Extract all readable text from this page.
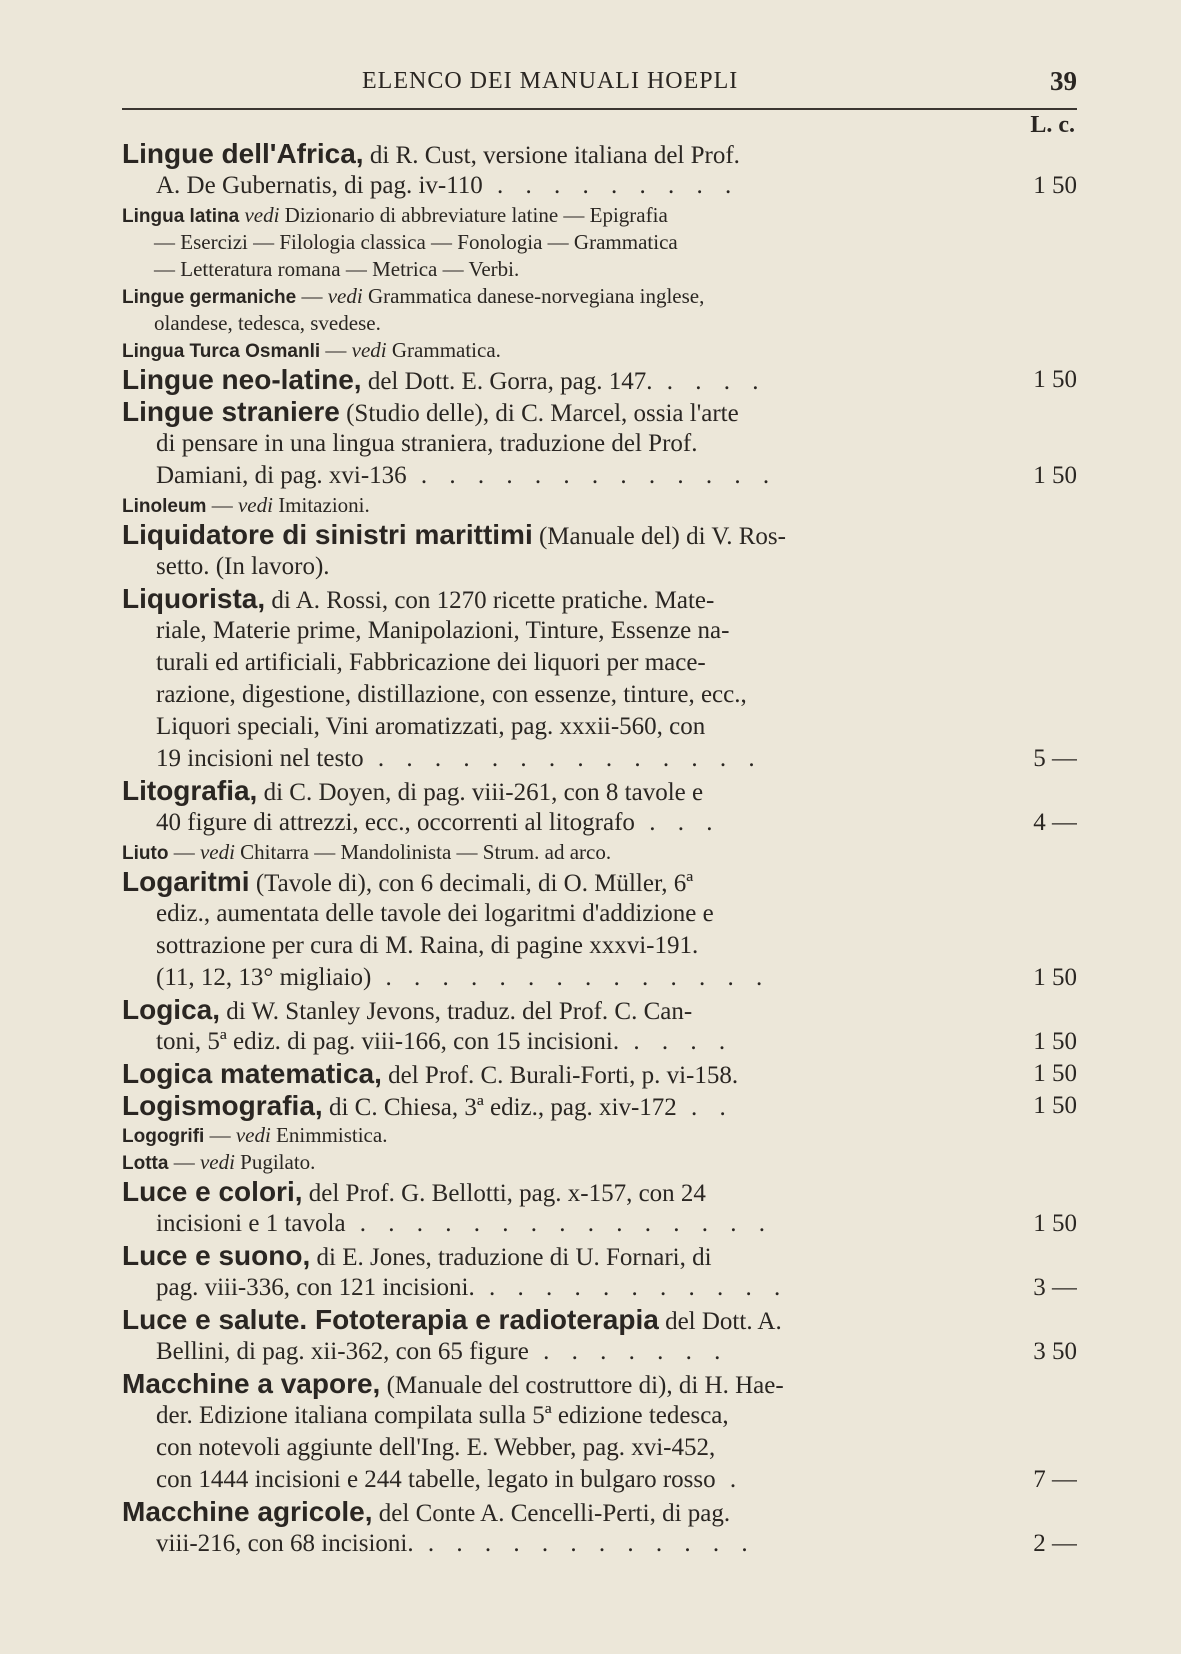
ELENCO DEI MANUALI HOEPLI	39
L. c.
Lingue dell'Africa, di R. Cust, versione italiana del Prof.
A. De Gubernatis, di pag. iv-110 . . . . . . . . .	1 50
Lingua latina vedi Dizionario di abbreviature latine — Epigrafia
— Esercizi — Filologia classica — Fonologia — Grammatica
— Letteratura romana — Metrica — Verbi.
Lingue germaniche — vedi Grammatica danese-norvegiana inglese,
olandese, tedesca, svedese.
Lingua Turca Osmanli — vedi Grammatica.
Lingue neo-latine, del Dott. E. Gorra, pag. 147. . . . .	1 50
Lingue straniere (Studio delle), di C. Marcel, ossia l'arte
di pensare in una lingua straniera, traduzione del Prof.
Damiani, di pag. xvi-136 . . . . . . . . . . . . .	1 50
Linoleum — vedi Imitazioni.
Liquidatore di sinistri marittimi (Manuale del) di V. Ros-
setto. (In lavoro).
Liquorista, di A. Rossi, con 1270 ricette pratiche. Mate-
riale, Materie prime, Manipolazioni, Tinture, Essenze na-
turali ed artificiali, Fabbricazione dei liquori per mace-
razione, digestione, distillazione, con essenze, tinture, ecc.,
Liquori speciali, Vini aromatizzati, pag. xxxii-560, con
19 incisioni nel testo . . . . . . . . . . . . . .	5 —
Litografia, di C. Doyen, di pag. viii-261, con 8 tavole e
40 figure di attrezzi, ecc., occorrenti al litografo . . .	4 —
Liuto — vedi Chitarra — Mandolinista — Strum. ad arco.
Logaritmi (Tavole di), con 6 decimali, di O. Müller, 6ª
ediz., aumentata delle tavole dei logaritmi d'addizione e
sottrazione per cura di M. Raina, di pagine xxxvi-191.
(11, 12, 13° migliaio) . . . . . . . . . . . . . .	1 50
Logica, di W. Stanley Jevons, traduz. del Prof. C. Can-
toni, 5ª ediz. di pag. viii-166, con 15 incisioni. . . . .	1 50
Logica matematica, del Prof. C. Burali-Forti, p. vi-158.	1 50
Logismografia, di C. Chiesa, 3ª ediz., pag. xiv-172 . .	1 50
Logogrifi — vedi Enimmistica.
Lotta — vedi Pugilato.
Luce e colori, del Prof. G. Bellotti, pag. x-157, con 24
incisioni e 1 tavola . . . . . . . . . . . . . . .	1 50
Luce e suono, di E. Jones, traduzione di U. Fornari, di
pag. viii-336, con 121 incisioni. . . . . . . . . . . .	3 —
Luce e salute. Fototerapia e radioterapia del Dott. A.
Bellini, di pag. xii-362, con 65 figure . . . . . . .	3 50
Macchine a vapore, (Manuale del costruttore di), di H. Hae-
der. Edizione italiana compilata sulla 5ª edizione tedesca,
con notevoli aggiunte dell'Ing. E. Webber, pag. xvi-452,
con 1444 incisioni e 244 tabelle, legato in bulgaro rosso .	7 —
Macchine agricole, del Conte A. Cencelli-Perti, di pag.
viii-216, con 68 incisioni. . . . . . . . . . . . .	2 —
